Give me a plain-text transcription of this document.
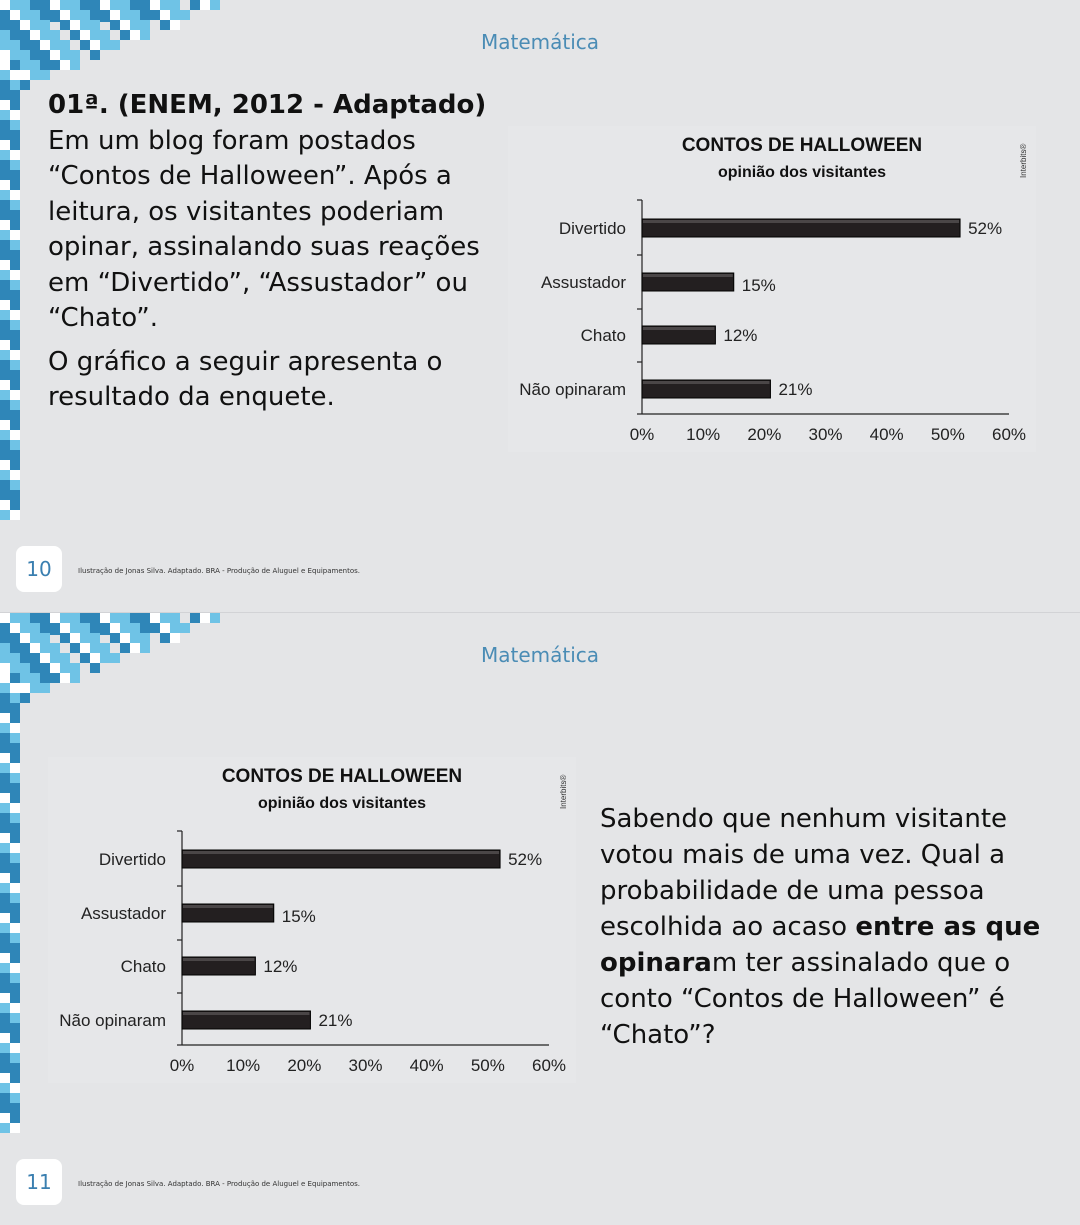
Matemática

01ª. (ENEM, 2012 - Adaptado) Em um blog foram postados “Contos de Halloween”. Após a leitura, os visitantes poderiam opinar, assinalando suas reações em “Divertido”, “Assustador” ou “Chato”.

O gráfico a seguir apresenta o resultado da enquete.

CONTOS DE HALLOWEEN
opinião dos visitantes	Interbits®
Divertido	52%
Assustador	15%
Chato	12%
Não opinaram	21%
0% 10% 20% 30% 40% 50% 60%
10	Ilustração de Jonas Silva. Adaptado. BRA - Produção de Aluguel e Equipamentos.
Matemática
CONTOS DE HALLOWEEN
opinião dos visitantes	Interbits®
Divertido	52%
Assustador	15%
Chato	12%
Não opinaram	21%
0% 10% 20% 30% 40% 50% 60%
Sabendo que nenhum visitante votou mais de uma vez. Qual a probabilidade de uma pessoa escolhida ao acaso entre as que opinaram ter assinalado que o conto “Contos de Halloween” é “Chato”?
11	Ilustração de Jonas Silva. Adaptado. BRA - Produção de Aluguel e Equipamentos.
